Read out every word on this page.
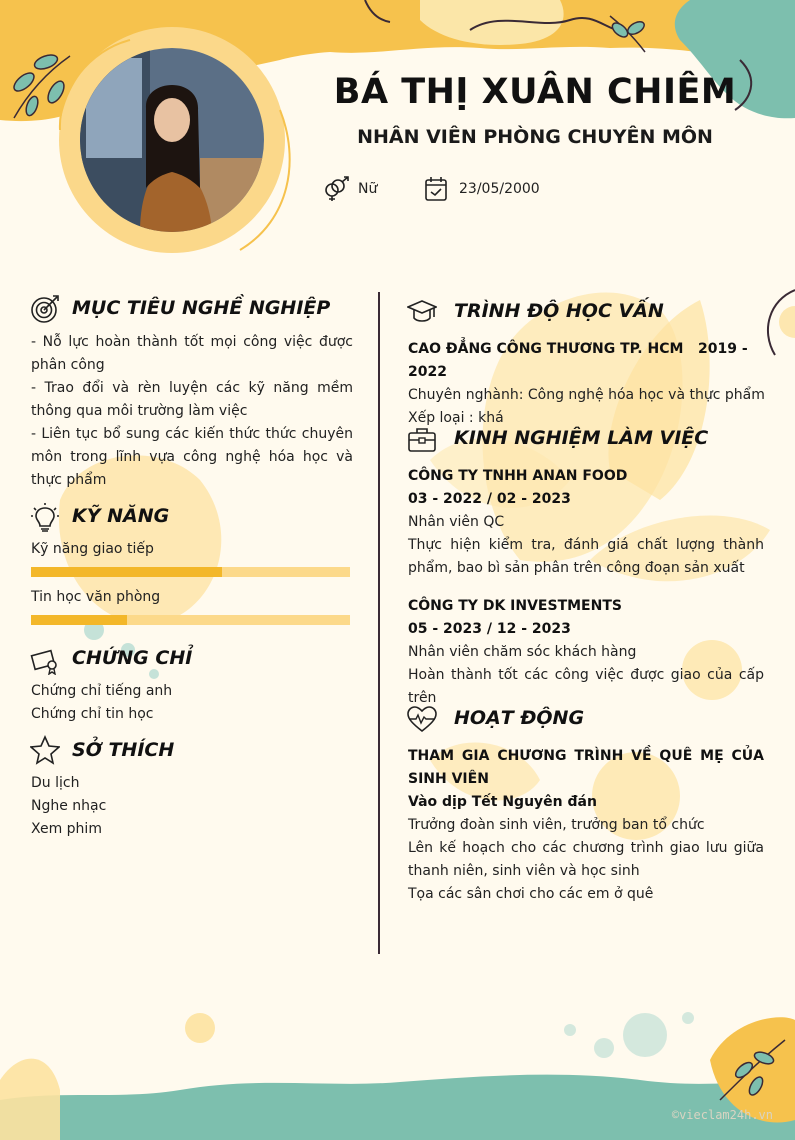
BÁ THỊ XUÂN CHIÊM
NHÂN VIÊN PHÒNG CHUYÊN MÔN
Nữ	23/05/2000
MỤC TIÊU NGHỀ NGHIỆP
- Nỗ lực hoàn thành tốt mọi công việc được phân công
- Trao đổi và rèn luyện các kỹ năng mềm thông qua môi trường làm việc
- Liên tục bổ sung các kiến thức thức chuyên môn trong lĩnh vựa công nghệ hóa học và thực phẩm
KỸ NĂNG
Kỹ năng giao tiếp
Tin học văn phòng
CHỨNG CHỈ
Chứng chỉ tiếng anh
Chứng chỉ tin học
SỞ THÍCH
Du lịch
Nghe nhạc
Xem phim
TRÌNH ĐỘ HỌC VẤN
CAO ĐẲNG CÔNG THƯƠNG TP. HCM 2019 - 2022
Chuyên nghành: Công nghệ hóa học và thực phẩm
Xếp loại : khá
KINH NGHIỆM LÀM VIỆC
CÔNG TY TNHH ANAN FOOD
03 - 2022 / 02 - 2023
Nhân viên QC
Thực hiện kiểm tra, đánh giá chất lượng thành phẩm, bao bì sản phân trên công đoạn sản xuất
CÔNG TY DK INVESTMENTS
05 - 2023 / 12 - 2023
Nhân viên chăm sóc khách hàng
Hoàn thành tốt các công việc được giao của cấp trên
HOẠT ĐỘNG
THAM GIA CHƯƠNG TRÌNH VỀ QUÊ MẸ CỦA SINH VIÊN
Vào dịp Tết Nguyên đán
Trưởng đoàn sinh viên, trưởng ban tổ chức
Lên kế hoạch cho các chương trình giao lưu giữa thanh niên, sinh viên và học sinh
Tọa các sân chơi cho các em ở quê
©vieclam24h.vn
